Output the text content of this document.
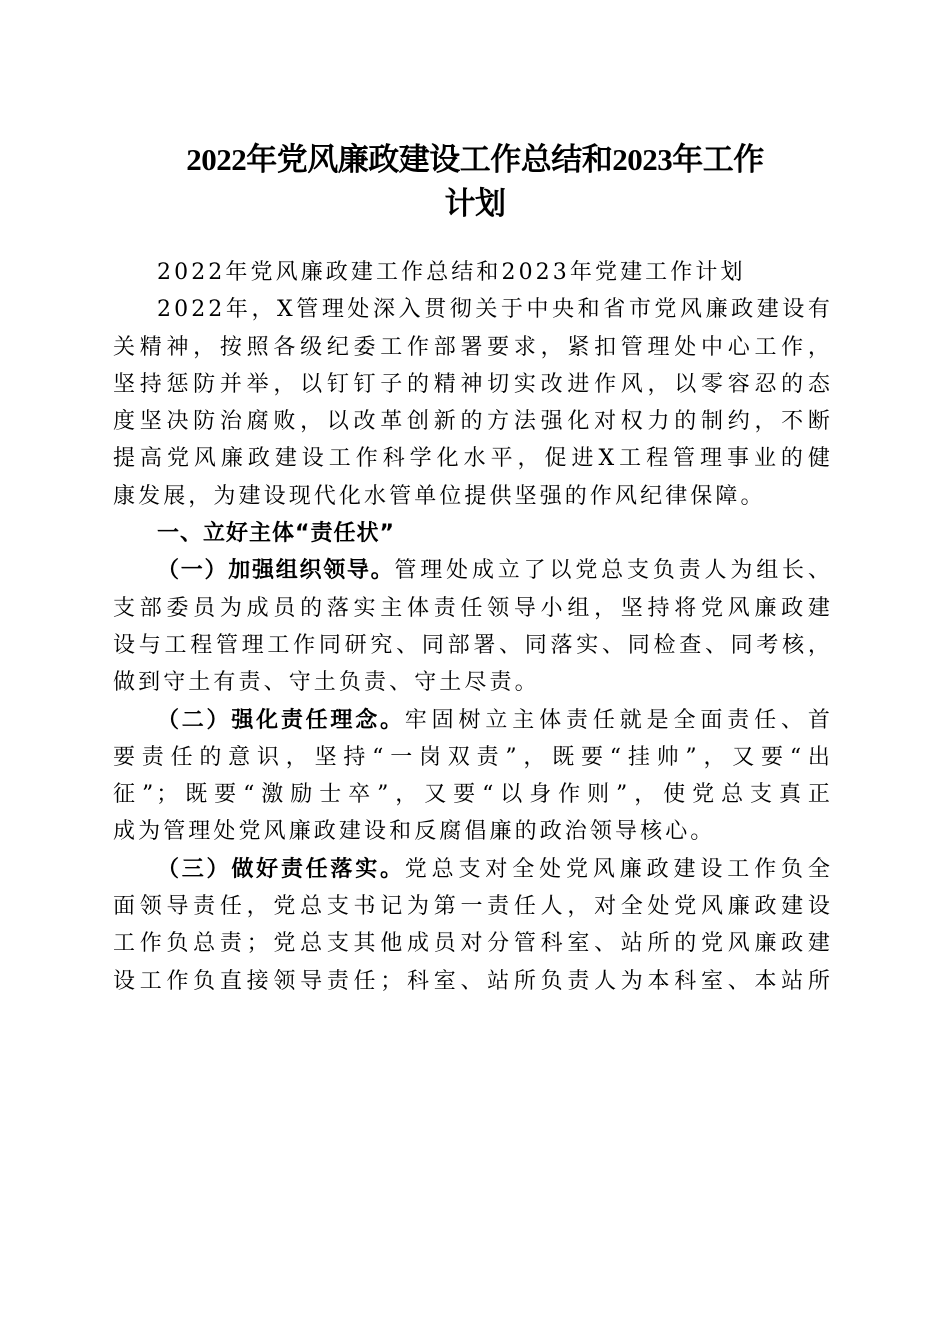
2022年党风廉政建设工作总结和2023年工作
计划
2022年党风廉政建工作总结和2023年党建工作计划
2022年，X管理处深入贯彻关于中央和省市党风廉政建设有
关精神，按照各级纪委工作部署要求，紧扣管理处中心工作，
坚持惩防并举，以钉钉子的精神切实改进作风，以零容忍的态
度坚决防治腐败，以改革创新的方法强化对权力的制约，不断
提高党风廉政建设工作科学化水平，促进X工程管理事业的健
康发展，为建设现代化水管单位提供坚强的作风纪律保障。
一、立好主体“责任状”
（一）加强组织领导。管理处成立了以党总支负责人为组长、
支部委员为成员的落实主体责任领导小组，坚持将党风廉政建
设与工程管理工作同研究、同部署、同落实、同检查、同考核，
做到守土有责、守土负责、守土尽责。
（二）强化责任理念。牢固树立主体责任就是全面责任、首
要责任的意识，坚持“一岗双责”，既要“挂帅”，又要“出
征”；既要“激励士卒”，又要“以身作则”，使党总支真正
成为管理处党风廉政建设和反腐倡廉的政治领导核心。
（三）做好责任落实。党总支对全处党风廉政建设工作负全
面领导责任，党总支书记为第一责任人，对全处党风廉政建设
工作负总责；党总支其他成员对分管科室、站所的党风廉政建
设工作负直接领导责任；科室、站所负责人为本科室、本站所
